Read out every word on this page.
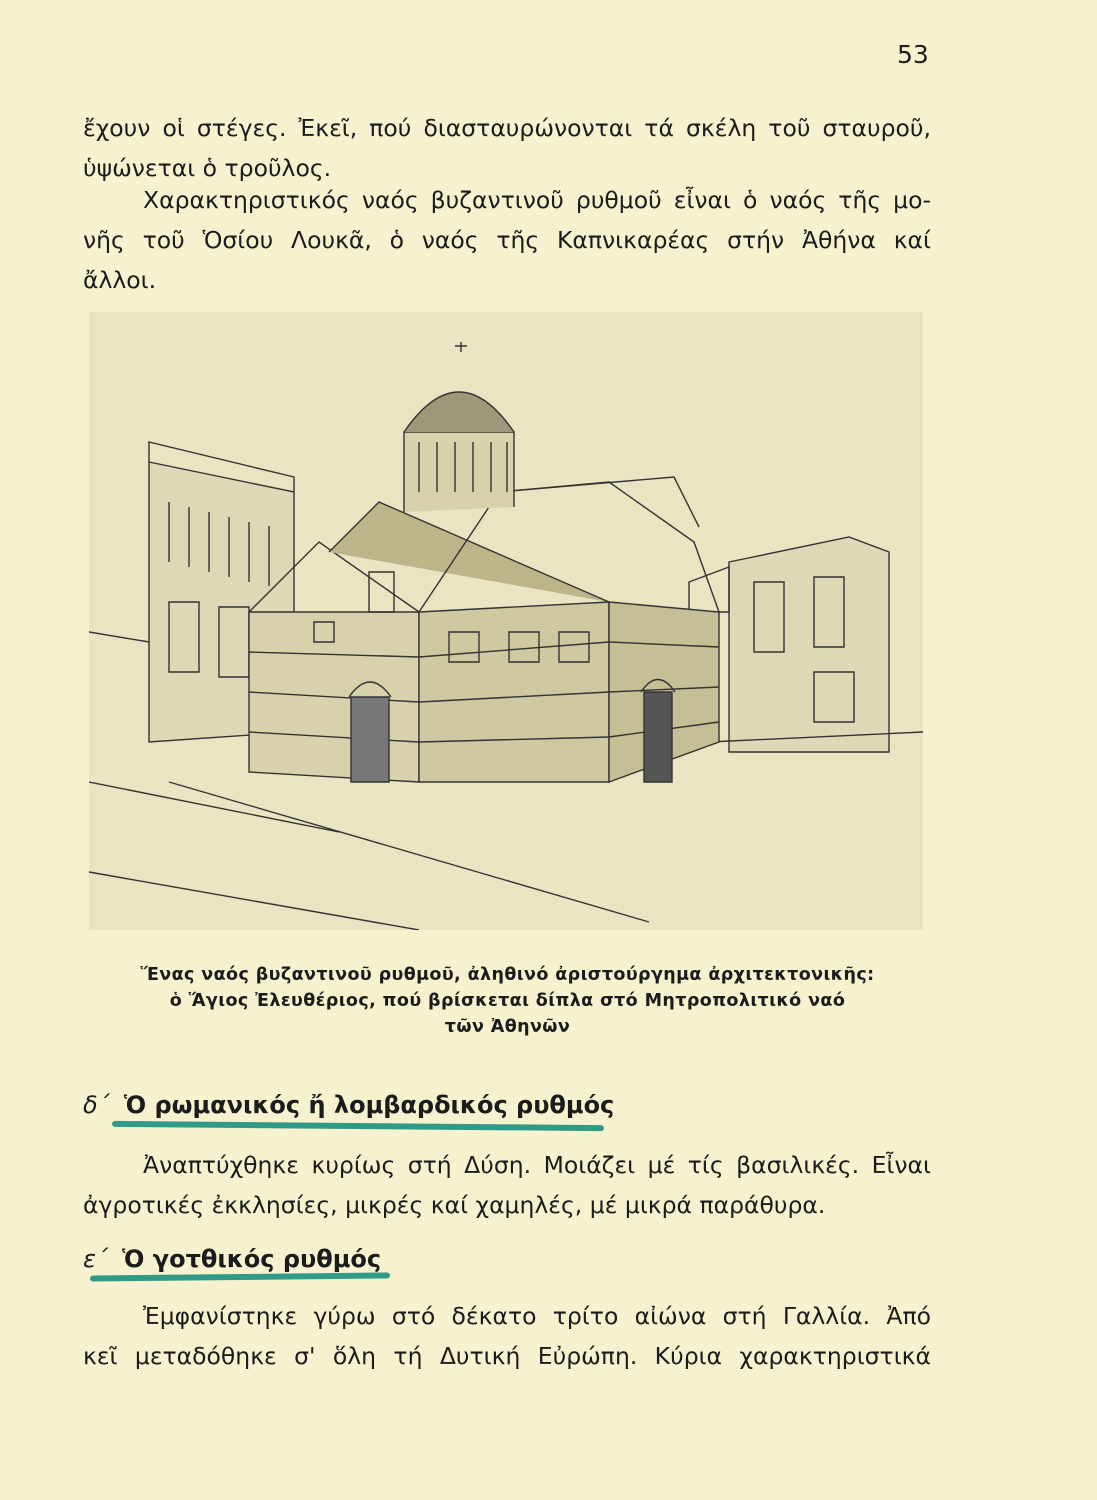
53
ἔχουν οἱ στέγες. Ἐκεῖ, πού διασταυρώνονται τά σκέλη τοῦ σταυροῦ,
ὑψώνεται ὁ τροῦλος.
Χαρακτηριστικός ναός βυζαντινοῦ ρυθμοῦ εἶναι ὁ ναός τῆς μο-
νῆς τοῦ Ὁσίου Λουκᾶ, ὁ ναός τῆς Καπνικαρέας στήν Ἀθήνα καί
ἄλλοι.
Ἕνας ναός βυζαντινοῦ ρυθμοῦ, ἀληθινό ἀριστούργημα ἀρχιτεκτονικῆς:
ὁ Ἅγιος Ἐλευθέριος, πού βρίσκεται δίπλα στό Μητροπολιτικό ναό
τῶν Ἀθηνῶν
δ΄ Ὁ ρωμανικός ἤ λομβαρδικός ρυθμός
Ἀναπτύχθηκε κυρίως στή Δύση. Μοιάζει μέ τίς βασιλικές. Εἶναι
ἀγροτικές ἐκκλησίες, μικρές καί χαμηλές, μέ μικρά παράθυρα.
ε΄ Ὁ γοτθικός ρυθμός
Ἐμφανίστηκε γύρω στό δέκατο τρίτο αἰώνα στή Γαλλία. Ἀπό
κεῖ μεταδόθηκε σ' ὅλη τή Δυτική Εὐρώπη. Κύρια χαρακτηριστικά
